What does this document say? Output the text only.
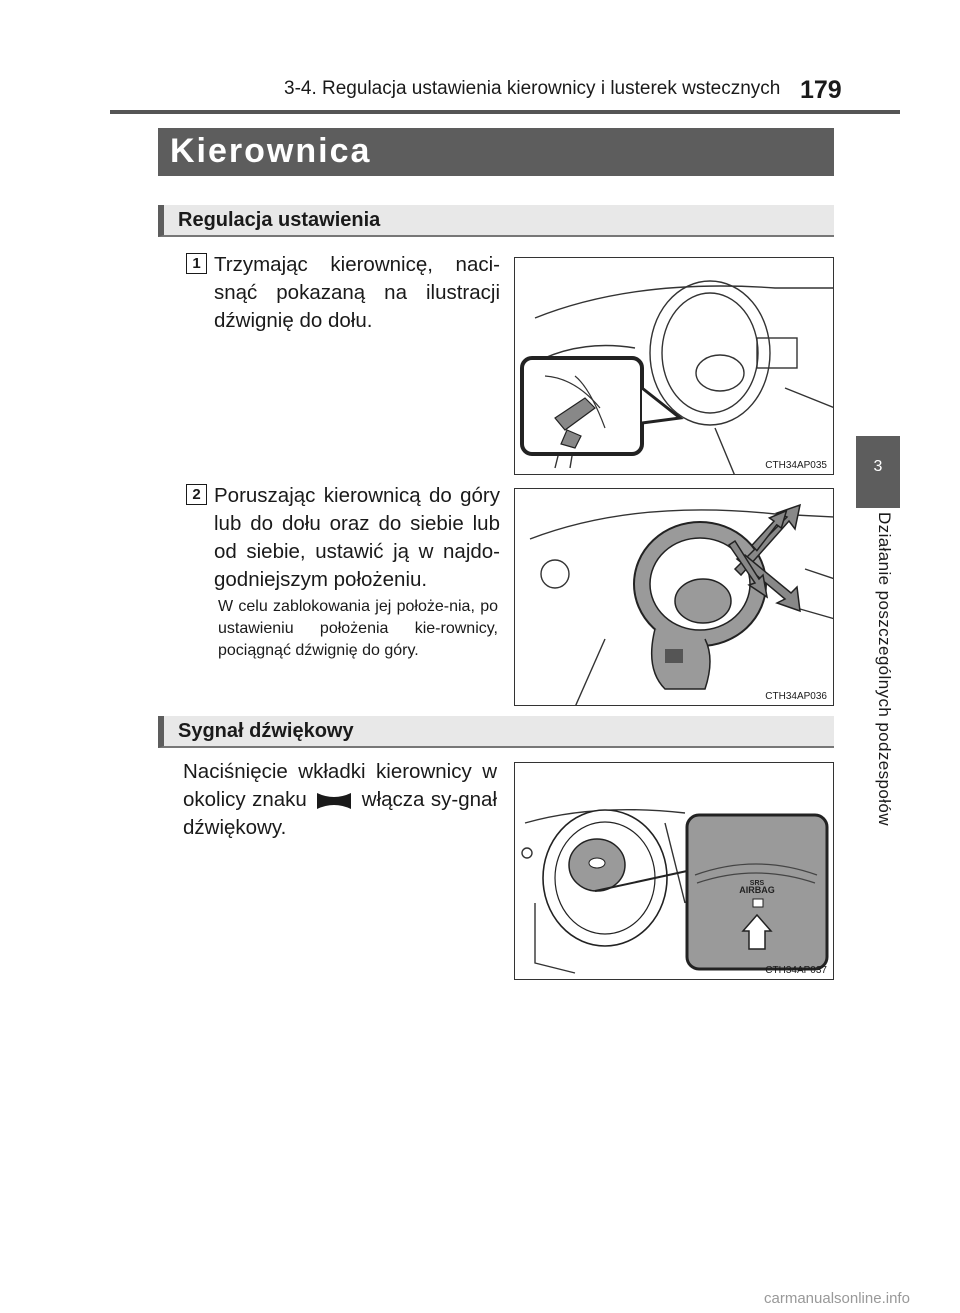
3-4. Regulacja ustawienia kierownicy i lusterek wstecznych 179
3
Działanie poszczególnych podzespołów
Kierownica
Regulacja ustawienia
1 Trzymając kierownicę, naci-snąć pokazaną na ilustracji dźwignię do dołu.
CTH34AP035
2 Poruszając kierownicą do góry lub do dołu oraz do siebie lub od siebie, ustawić ją w najdo-godniejszym położeniu.
W celu zablokowania jej położe-nia, po ustawieniu położenia kie-rownicy, pociągnąć dźwignię do góry.
CTH34AP036
Sygnał dźwiękowy
Naciśnięcie wkładki kierownicy w okolicy znaku	włącza sy-gnał dźwiękowy.
SRS
AIRBAG
CTH34AP037
carmanualsonline.info
